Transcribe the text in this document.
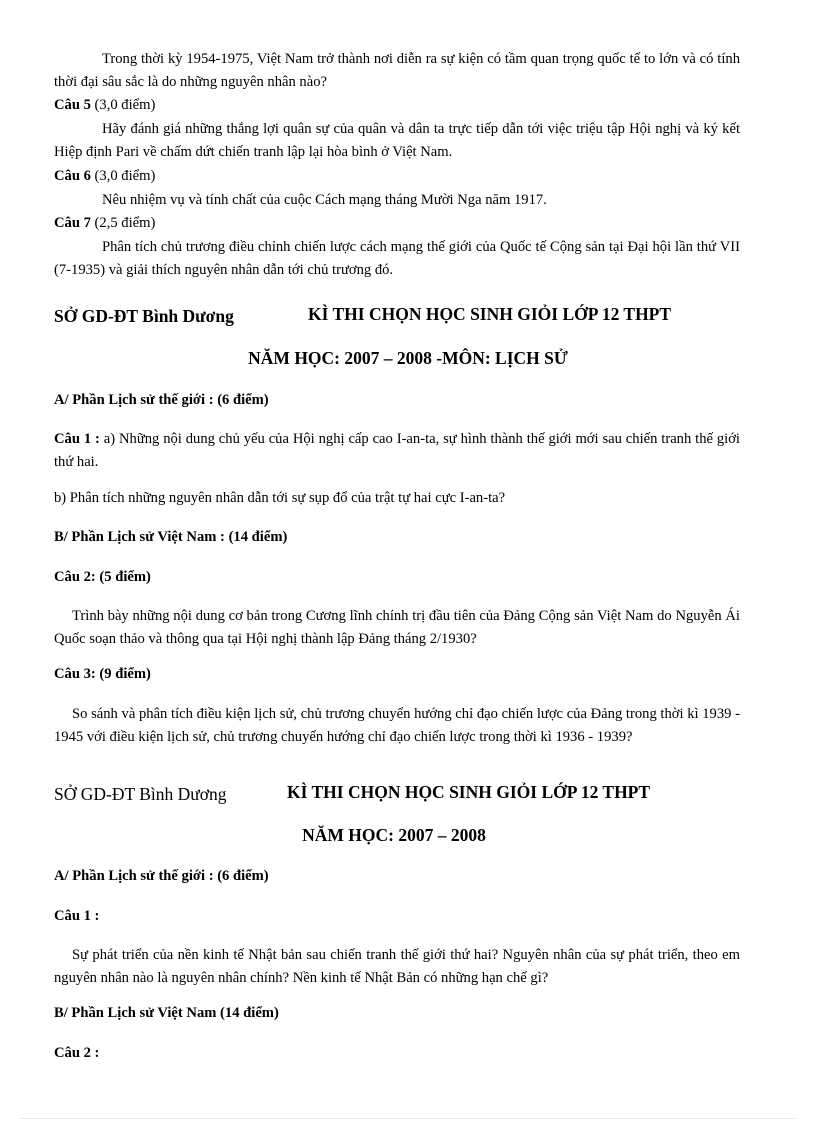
Trong thời kỳ 1954-1975, Việt Nam trở thành nơi diễn ra sự kiện có tầm quan trọng quốc tế to lớn và có tính thời đại sâu sắc là do những nguyên nhân nào?

Câu 5 (3,0 điểm)

Hãy đánh giá những thắng lợi quân sự của quân và dân ta trực tiếp dẫn tới việc triệu tập Hội nghị và ký kết Hiệp định Pari về chấm dứt chiến tranh lập lại hòa bình ở Việt Nam.

Câu 6 (3,0 điểm)

Nêu nhiệm vụ và tính chất của cuộc Cách mạng tháng Mười Nga năm 1917.

Câu 7 (2,5 điểm)

Phân tích chủ trương điều chỉnh chiến lược cách mạng thế giới của Quốc tế Cộng sản tại Đại hội lần thứ VII (7-1935) và giải thích nguyên nhân dẫn tới chủ trương đó.

SỞ GD-ĐT Bình Dương	KÌ THI CHỌN HỌC SINH GIỎI LỚP 12 THPT
NĂM HỌC: 2007 – 2008 -MÔN: LỊCH SỬ

A/ Phần Lịch sử thế giới : (6 điểm)

Câu 1 : a) Những nội dung chủ yếu của Hội nghị cấp cao I-an-ta, sự hình thành thế giới mới sau chiến tranh thế giới thứ hai.

b) Phân tích những nguyên nhân dẫn tới sự sụp đổ của trật tự hai cực I-an-ta?

B/ Phần Lịch sử Việt Nam : (14 điểm)

Câu 2: (5 điểm)

Trình bày những nội dung cơ bản trong Cương lĩnh chính trị đầu tiên của Đảng Cộng sản Việt Nam do Nguyễn Ái Quốc soạn thảo và thông qua tại Hội nghị thành lập Đảng tháng 2/1930?

Câu 3: (9 điểm)

So sánh và phân tích điều kiện lịch sử, chủ trương chuyển hướng chỉ đạo chiến lược của Đảng trong thời kì 1939 - 1945 với điều kiện lịch sử, chủ trương chuyển hướng chỉ đạo chiến lược trong thời kì 1936 - 1939?

SỞ GD-ĐT Bình Dương	KÌ THI CHỌN HỌC SINH GIỎI LỚP 12 THPT
NĂM HỌC: 2007 – 2008

A/ Phần Lịch sử thế giới : (6 điểm)

Câu 1 :

Sự phát triển của nền kinh tế Nhật bản sau chiến tranh thế giới thứ hai? Nguyên nhân của sự phát triển, theo em nguyên nhân nào là nguyên nhân chính? Nền kinh tế Nhật Bản có những hạn chế gì?

B/ Phần Lịch sử Việt Nam (14 điểm)

Câu 2 :
